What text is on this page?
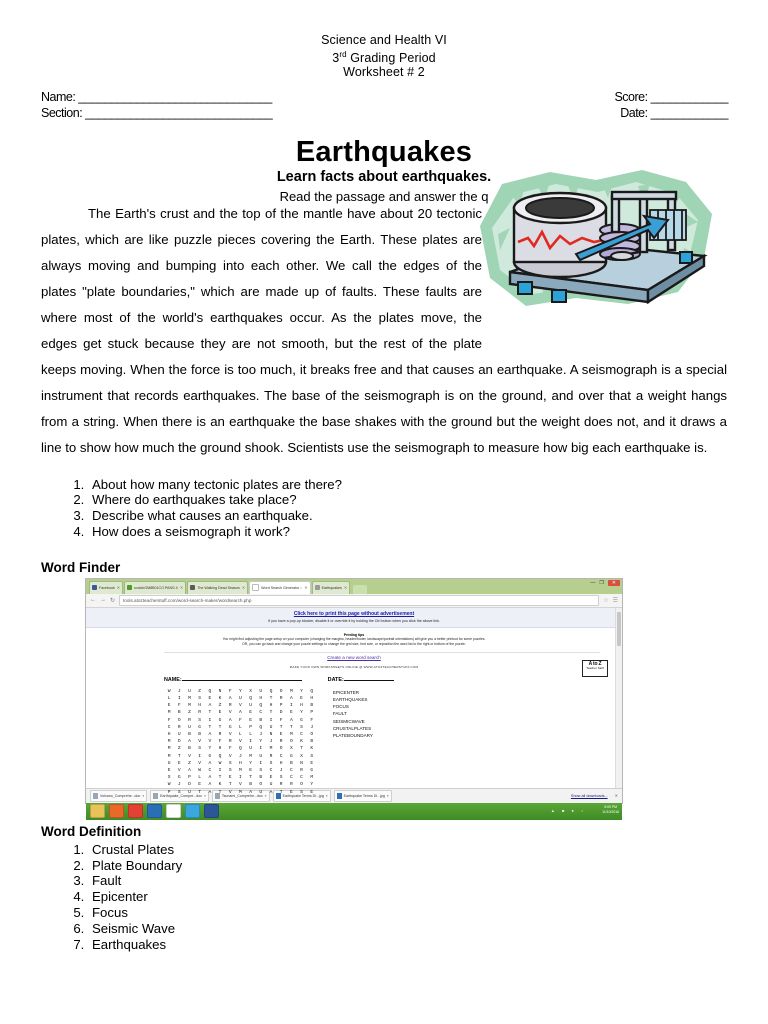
Science and Health VI
3rd Grading Period
Worksheet # 2
Name: ______________________________	Score: ____________
Section: _____________________________	Date: ____________
Earthquakes
Learn facts about earthquakes.
Read the passage and answer the q

The Earth's crust and the top of the mantle have about 20 tectonic plates, which are like puzzle pieces covering the Earth. These plates are always moving and bumping into each other. We call the edges of the plates "plate boundaries," which are made up of faults. These faults are where most of the world's earthquakes occur. As the plates move, the edges get stuck because they are not smooth, but the rest of the plate keeps moving. When the force is too much, it breaks free and that causes an earthquake. A seismograph is a special instrument that records earthquakes. The base of the seismograph is on the ground, and over that a weight hangs from a string. When there is an earthquake the base shakes with the ground but the weight does not, and it draws a line to show how much the ground shook. Scientists use the seismograph to measure how big each earthquake is.

1. About how many tectonic plates are there?
2. Where do earthquakes take place?
3. Describe what causes an earthquake.
4. How does a seismograph it work?
Word Finder
Facebook ✕	svdcfcGM8B01CO.PANG.I/ ✕	The Walking Dead Season ✕	Word Search Generator :: ✕	Earthquakes ✕
— ❐	✕
← → ↻	tools.atozteacherstuff.com/word-search-maker/wordsearch.php	☆ ☰
Click here to print this page without advertisement
If you have a pop-up blocker, disable it or override it by holding the Ctrl button when you click the above link.
Printing tips
You might find adjusting the page setup on your computer (changing the margins, header/footer, landscape/portrait orientations) will give you a better printout for some puzzles.
OR, you can go back and change your puzzle settings to change the grid size, font size, or reposition the word list to the right or bottom of the puzzle.
Create a new word search
MAKE YOUR OWN WORKSHEETS ONLINE @ WWW.ATOZTEACHERSTUFF.COM
NAME:	DATE:
W	J	U	Z	Q	N	F	Y	X	U	Q	O	M	Y	Q
L	I	M	S	E	K	A	U	Q	H	T	R	A	E	H
E	F	M	H	A	Z	R	V	U	Q	H	P	I	H	B
M	B	Z	R	T	E	V	A	E	C	T	D	E	Y	P
F	O	R	S	I	G	A	F	E	B	I	F	A	G	F
C	R	U	G	T	T	G	L	P	Q	U	T	T	S	J
H	U	B	B	A	R	V	L	L	J	N	E	M	C	O
M	D	A	V	V	F	R	V	I	Y	J	R	O	K	B
M	Z	B	S	Y	H	F	Q	U	I	M	O	X	T	K
M	T	V	I	G	Q	V	J	M	U	R	C	G	X	S
U	E	Z	V	A	W	S	H	Y	I	S	H	B	N	E
E	V	A	W	C	I	S	M	E	S	C	J	C	R	G
S	G	P	L	A	T	E	I	T	B	E	S	C	C	M
W	J	D	E	A	K	T	V	B	O	U	R	R	O	Y
P	S	U	T	A	T	V	M	A	U	A	T	E	S	E
EPICENTER
EARTHQUAKES
FOCUS
FAULT
SEISMICWAVE
CRUSTALPLATES
PLATEBOUNDARY
A to Z
Teacher Stuff
Volcano_Comprehe...doc ▾	Earthquake_Compre...doc ▾	Tsunami_Comprehe...doc ▾	Earthquake Terms Di...jpg ▾	Earthquake Terms Di...jpg ▾	Show all downloads... ✕
▲ ■ ● ♪
6:05 PM
11/10/2016
Word Definition
1. Crustal Plates
2. Plate Boundary
3. Fault
4. Epicenter
5. Focus
6. Seismic Wave
7. Earthquakes
